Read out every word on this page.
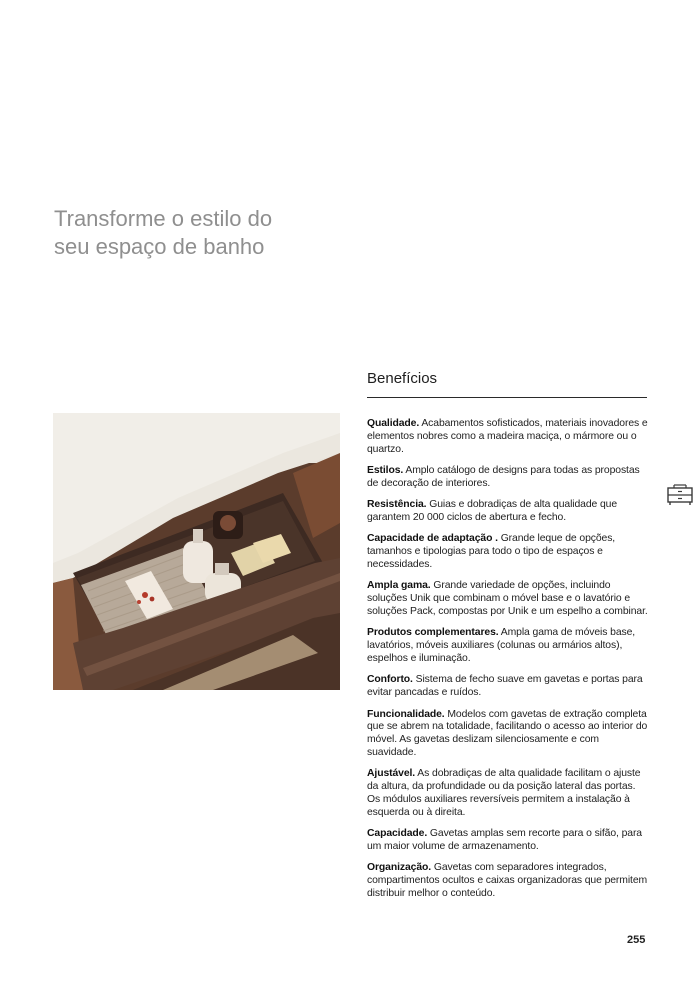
Transforme o estilo do
seu espaço de banho
Benefícios
Qualidade. Acabamentos sofisticados, materiais inovadores e elementos nobres como a madeira maciça, o mármore ou o quartzo.
Estilos. Amplo catálogo de designs para todas as propostas de decoração de interiores.
Resistência. Guias e dobradiças de alta qualidade que garantem 20 000 ciclos de abertura e fecho.
Capacidade de adaptação . Grande leque de opções, tamanhos e tipologias para todo o tipo de espaços e necessidades.
Ampla gama. Grande variedade de opções, incluindo soluções Unik que combinam o móvel base e o lavatório e soluções Pack, compostas por Unik e um espelho a combinar.
Produtos complementares. Ampla gama de móveis base, lavatórios, móveis auxiliares (colunas ou armários altos), espelhos e iluminação.
Conforto. Sistema de fecho suave em gavetas e portas para evitar pancadas e ruídos.
Funcionalidade. Modelos com gavetas de extração completa que se abrem na totalidade, facilitando o acesso ao interior do móvel. As gavetas deslizam silenciosamente e com suavidade.
Ajustável. As dobradiças de alta qualidade facilitam o ajuste da altura, da profundidade ou da posição lateral das portas. Os módulos auxiliares reversíveis permitem a instalação à esquerda ou à direita.
Capacidade. Gavetas amplas sem recorte para o sifão, para um maior volume de armazenamento.
Organização. Gavetas com separadores integrados, compartimentos ocultos e caixas organizadoras que permitem distribuir melhor o conteúdo.
255
